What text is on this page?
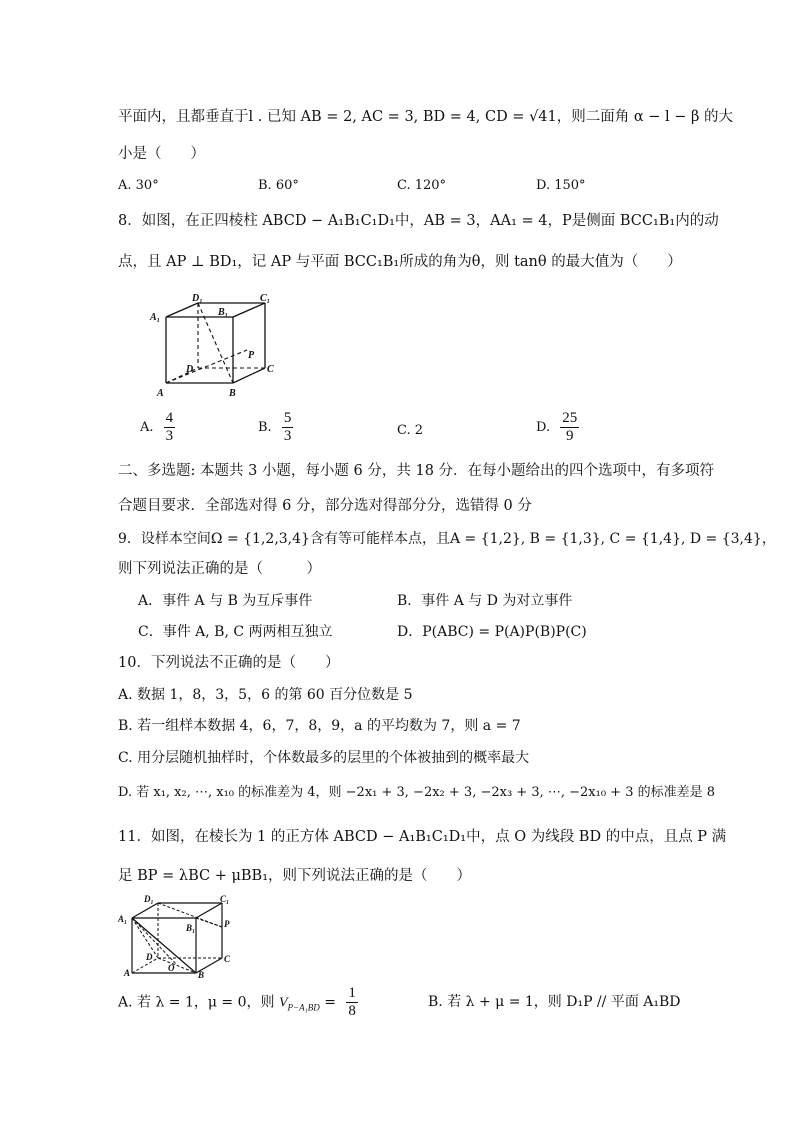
平面内，且都垂直于l . 已知 AB = 2, AC = 3, BD = 4, CD = √41，则二面角 α − l − β 的大
小是（　　）
A. 30°	B. 60°	C. 120°	D. 150°
8．如图，在正四棱柱 ABCD − A₁B₁C₁D₁中，AB = 3，AA₁ = 4，P是侧面 BCC₁B₁内的动
点，且 AP ⊥ BD₁，记 AP 与平面 BCC₁B₁所成的角为θ，则 tanθ 的最大值为（　　）
D₁	C₁
A₁	B₁
P
D	C
A	B
A. $\frac{4}{3}$	B. $\frac{5}{3}$	C. 2	D. $\frac{25}{9}$
二、多选题: 本题共 3 小题，每小题 6 分，共 18 分．在每小题给出的四个选项中，有多项符
合题目要求．全部选对得 6 分，部分选对得部分分，选错得 0 分
9．设样本空间Ω = {1,2,3,4}含有等可能样本点，且A = {1,2}, B = {1,3}, C = {1,4}, D = {3,4}，
则下列说法正确的是（　　　）
A．事件 A 与 B 为互斥事件	B．事件 A 与 D 为对立事件
C．事件 A, B, C 两两相互独立	D．P(ABC) = P(A)P(B)P(C)
10．下列说法不正确的是（　　）
A. 数据 1，8，3，5，6 的第 60 百分位数是 5
B. 若一组样本数据 4，6，7，8，9，a 的平均数为 7，则 a = 7
C. 用分层随机抽样时，个体数最多的层里的个体被抽到的概率最大
D. 若 x₁, x₂, ⋯, x₁₀ 的标准差为 4，则 −2x₁ + 3, −2x₂ + 3, −2x₃ + 3, ⋯, −2x₁₀ + 3 的标准差是 8
11．如图，在棱长为 1 的正方体 ABCD − A₁B₁C₁D₁中，点 O 为线段 BD 的中点，且点 P 满
足 BP = λBC + μBB₁，则下列说法正确的是（　　）
D₁	C₁
A₁
B₁	P
D	C
O
A	B
A. 若 λ = 1，μ = 0，则 $V_{P-A_1BD} = \frac{1}{8}$	B. 若 λ + μ = 1，则 D₁P // 平面 A₁BD
